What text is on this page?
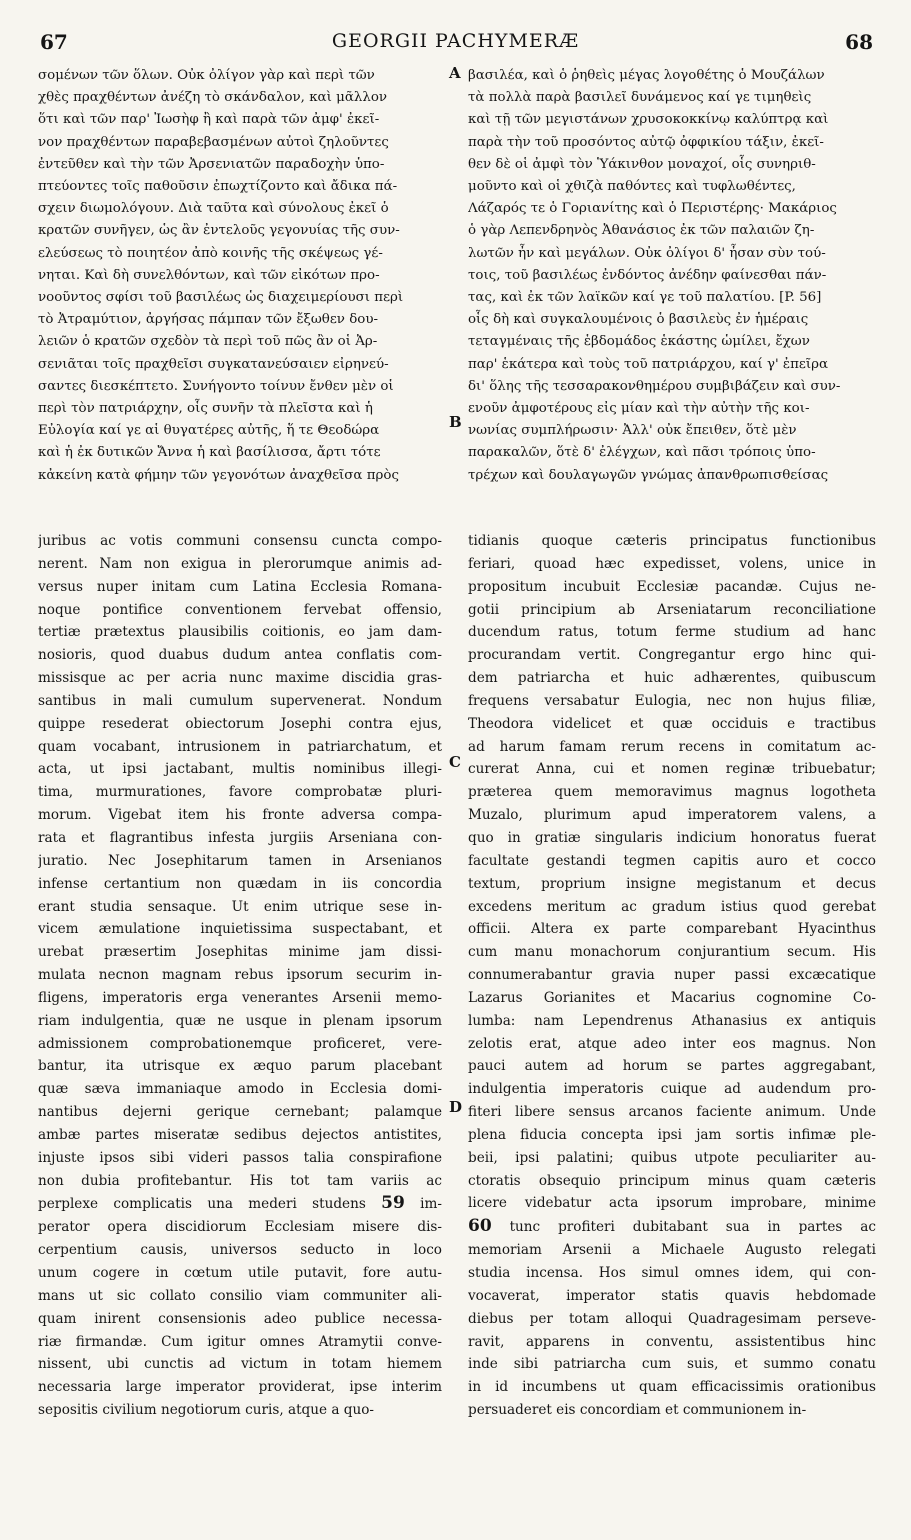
67	GEORGII PACHYMERÆ	68
σομένων τῶν ὅλων. Οὐκ ὀλίγον γὰρ καὶ περὶ τῶν
χθὲς πραχθέντων ἀνέζη τὸ σκάνδαλον, καὶ μᾶλλον
ὅτι καὶ τῶν παρ' Ἰωσὴφ ἢ καὶ παρὰ τῶν ἀμφ' ἐκεῖ-
νον πραχθέντων παραβεβασμένων αὐτοὶ ζηλοῦντες
ἐντεῦθεν καὶ τὴν τῶν Ἀρσενιατῶν παραδοχὴν ὑπο-
πτεύοντες τοῖς παθοῦσιν ἐπωχτίζοντο καὶ ἄδικα πά-
σχειν διωμολόγουν. Διὰ ταῦτα καὶ σύνολους ἐκεῖ ὁ
κρατῶν συνῆγεν, ὡς ἂν ἐντελοῦς γεγονυίας τῆς συν-
ελεύσεως τὸ ποιητέον ἀπὸ κοινῆς τῆς σκέψεως γέ-
νηται. Καὶ δὴ συνελθόντων, καὶ τῶν εἰκότων προ-
νοοῦντος σφίσι τοῦ βασιλέως ὡς διαχειμερίουσι περὶ
τὸ Ἀτραμύτιον, ἀργήσας πάμπαν τῶν ἔξωθεν δου-
λειῶν ὁ κρατῶν σχεδὸν τὰ περὶ τοῦ πῶς ἂν οἱ Ἀρ-
σενιᾶται τοῖς πραχθεῖσι συγκατανεύσαιεν εἰρηνεύ-
σαντες διεσκέπτετο. Συνήγοντο τοίνυν ἔνθεν μὲν οἱ
περὶ τὸν πατριάρχην, οἷς συνῆν τὰ πλεῖστα καὶ ἡ
Εὐλογία καί γε αἱ θυγατέρες αὐτῆς, ἥ τε Θεοδώρα
καὶ ἡ ἐκ δυτικῶν Ἄννα ἡ καὶ βασίλισσα, ἄρτι τότε
κἀκείνη κατὰ φήμην τῶν γεγονότων ἀναχθεῖσα πρὸς
βασιλέα, καὶ ὁ ῥηθεὶς μέγας λογοθέτης ὁ Μουζάλων
τὰ πολλὰ παρὰ βασιλεῖ δυνάμενος καί γε τιμηθεὶς
καὶ τῇ τῶν μεγιστάνων χρυσοκοκκίνῳ καλύπτρᾳ καὶ
παρὰ τὴν τοῦ προσόντος αὐτῷ ὀφφικίου τάξιν, ἐκεῖ-
θεν δὲ οἱ ἀμφὶ τὸν Ὑάκινθον μοναχοί, οἷς συνηριθ-
μοῦντο καὶ οἱ χθιζὰ παθόντες καὶ τυφλωθέντες,
Λάζαρός τε ὁ Γοριανίτης καὶ ὁ Περιστέρης· Μακάριος
ὁ γὰρ Λεπενδρηνὸς Ἀθανάσιος ἐκ τῶν παλαιῶν ζη-
λωτῶν ἦν καὶ μεγάλων. Οὐκ ὀλίγοι δ' ἦσαν σὺν τού-
τοις, τοῦ βασιλέως ἐνδόντος ἀνέδην φαίνεσθαι πάν-
τας, καὶ ἐκ τῶν λαϊκῶν καί γε τοῦ παλατίου. [P. 56]
οἷς δὴ καὶ συγκαλουμένοις ὁ βασιλεὺς ἐν ἡμέραις
τεταγμέναις τῆς ἑβδομάδος ἑκάστης ὡμίλει, ἔχων
παρ' ἑκάτερα καὶ τοὺς τοῦ πατριάρχου, καί γ' ἐπεῖρα
δι' ὅλης τῆς τεσσαρακονθημέρου συμβιβάζειν καὶ συν-
ενοῦν ἀμφοτέρους εἰς μίαν καὶ τὴν αὐτὴν τῆς κοι-
νωνίας συμπλήρωσιν· Ἀλλ' οὐκ ἔπειθεν, ὅτὲ μὲν
παρακαλῶν, ὅτὲ δ' ἐλέγχων, καὶ πᾶσι τρόποις ὑπο-
τρέχων καὶ δουλαγωγῶν γνώμας ἀπανθρωπισθείσας
juribus ac votis communi consensu cuncta compo-
nerent. Nam non exigua in plerorumque animis ad-
versus nuper initam cum Latina Ecclesia Romana-
noque pontifice conventionem fervebat offensio,
tertiæ prætextus plausibilis coitionis, eo jam dam-
nosioris, quod duabus dudum antea conflatis com-
missisque ac per acria nunc maxime discidia gras-
santibus in mali cumulum supervenerat. Nondum
quippe resederat obiectorum Josephi contra ejus,
quam vocabant, intrusionem in patriarchatum, et
acta, ut ipsi jactabant, multis nominibus illegi-
tima, murmurationes, favore comprobatæ pluri-
morum. Vigebat item his fronte adversa compa-
rata et flagrantibus infesta jurgiis Arseniana con-
juratio. Nec Josephitarum tamen in Arsenianos
infense certantium non quædam in iis concordia
erant studia sensaque. Ut enim utrique sese in-
vicem æmulatione inquietissima suspectabant, et
urebat præsertim Josephitas minime jam dissi-
mulata necnon magnam rebus ipsorum securim in-
fligens, imperatoris erga venerantes Arsenii memo-
riam indulgentia, quæ ne usque in plenam ipsorum
admissionem comprobationemque proficeret, vere-
bantur, ita utrisque ex æquo parum placebant
quæ sæva immaniaque amodo in Ecclesia domi-
nantibus dejerni gerique cernebant; palamque
ambæ partes miseratæ sedibus dejectos antistites,
injuste ipsos sibi videri passos talia conspirafione
non dubia profitebantur. His tot tam variis ac
perplexe complicatis una mederi studens 59 im-
perator opera discidiorum Ecclesiam misere dis-
cerpentium causis, universos seducto in loco
unum cogere in cœtum utile putavit, fore autu-
mans ut sic collato consilio viam communiter ali-
quam inirent consensionis adeo publice necessa-
riæ firmandæ. Cum igitur omnes Atramytii conve-
nissent, ubi cunctis ad victum in totam hiemem
necessaria large imperator providerat, ipse interim
sepositis civilium negotiorum curis, atque a quo-
tidianis quoque cæteris principatus functionibus
feriari, quoad hæc expedisset, volens, unice in
propositum incubuit Ecclesiæ pacandæ. Cujus ne-
gotii principium ab Arseniatarum reconciliatione
ducendum ratus, totum ferme studium ad hanc
procurandam vertit. Congregantur ergo hinc qui-
dem patriarcha et huic adhærentes, quibuscum
frequens versabatur Eulogia, nec non hujus filiæ,
Theodora videlicet et quæ occiduis e tractibus
ad harum famam rerum recens in comitatum ac-
curerat Anna, cui et nomen reginæ tribuebatur;
præterea quem memoravimus magnus logotheta
Muzalo, plurimum apud imperatorem valens, a
quo in gratiæ singularis indicium honoratus fuerat
facultate gestandi tegmen capitis auro et cocco
textum, proprium insigne megistanum et decus
excedens meritum ac gradum istius quod gerebat
officii. Altera ex parte comparebant Hyacinthus
cum manu monachorum conjurantium secum. His
connumerabantur gravia nuper passi excæcatique
Lazarus Gorianites et Macarius cognomine Co-
lumba: nam Lependrenus Athanasius ex antiquis
zelotis erat, atque adeo inter eos magnus. Non
pauci autem ad horum se partes aggregabant,
indulgentia imperatoris cuique ad audendum pro-
fiteri libere sensus arcanos faciente animum. Unde
plena fiducia concepta ipsi jam sortis infimæ ple-
beii, ipsi palatini; quibus utpote peculiariter au-
ctoratis obsequio principum minus quam cæteris
licere videbatur acta ipsorum improbare, minime
60 tunc profiteri dubitabant sua in partes ac
memoriam Arsenii a Michaele Augusto relegati
studia incensa. Hos simul omnes idem, qui con-
vocaverat, imperator statis quavis hebdomade
diebus per totam alloqui Quadragesimam perseve-
ravit, apparens in conventu, assistentibus hinc
inde sibi patriarcha cum suis, et summo conatu
in id incumbens ut quam efficacissimis orationibus
persuaderet eis concordiam et communionem in-
A
B
C
D
